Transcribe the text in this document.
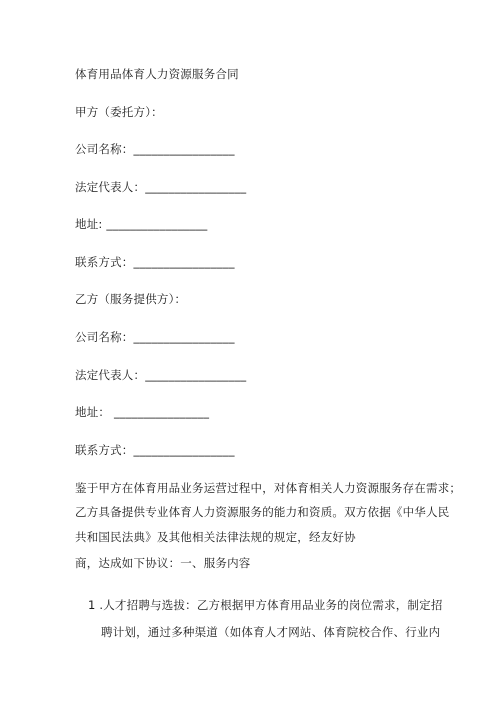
体育用品体育人力资源服务合同
甲方（委托方）：
公司名称：_________________
法定代表人：_________________
地址: _________________
联系方式：_________________
乙方（服务提供方）：
公司名称：_________________
法定代表人：_________________
地址： ________________
联系方式：_________________
鉴于甲方在体育用品业务运营过程中，对体育相关人力资源服务存在需求；
乙方具备提供专业体育人力资源服务的能力和资质。双方依据《中华人民
共和国民法典》及其他相关法律法规的规定，经友好协
商，达成如下协议：一、服务内容
1 .人才招聘与选拔：乙方根据甲方体育用品业务的岗位需求，制定招
聘计划，通过多种渠道（如体育人才网站、体育院校合作、行业内
